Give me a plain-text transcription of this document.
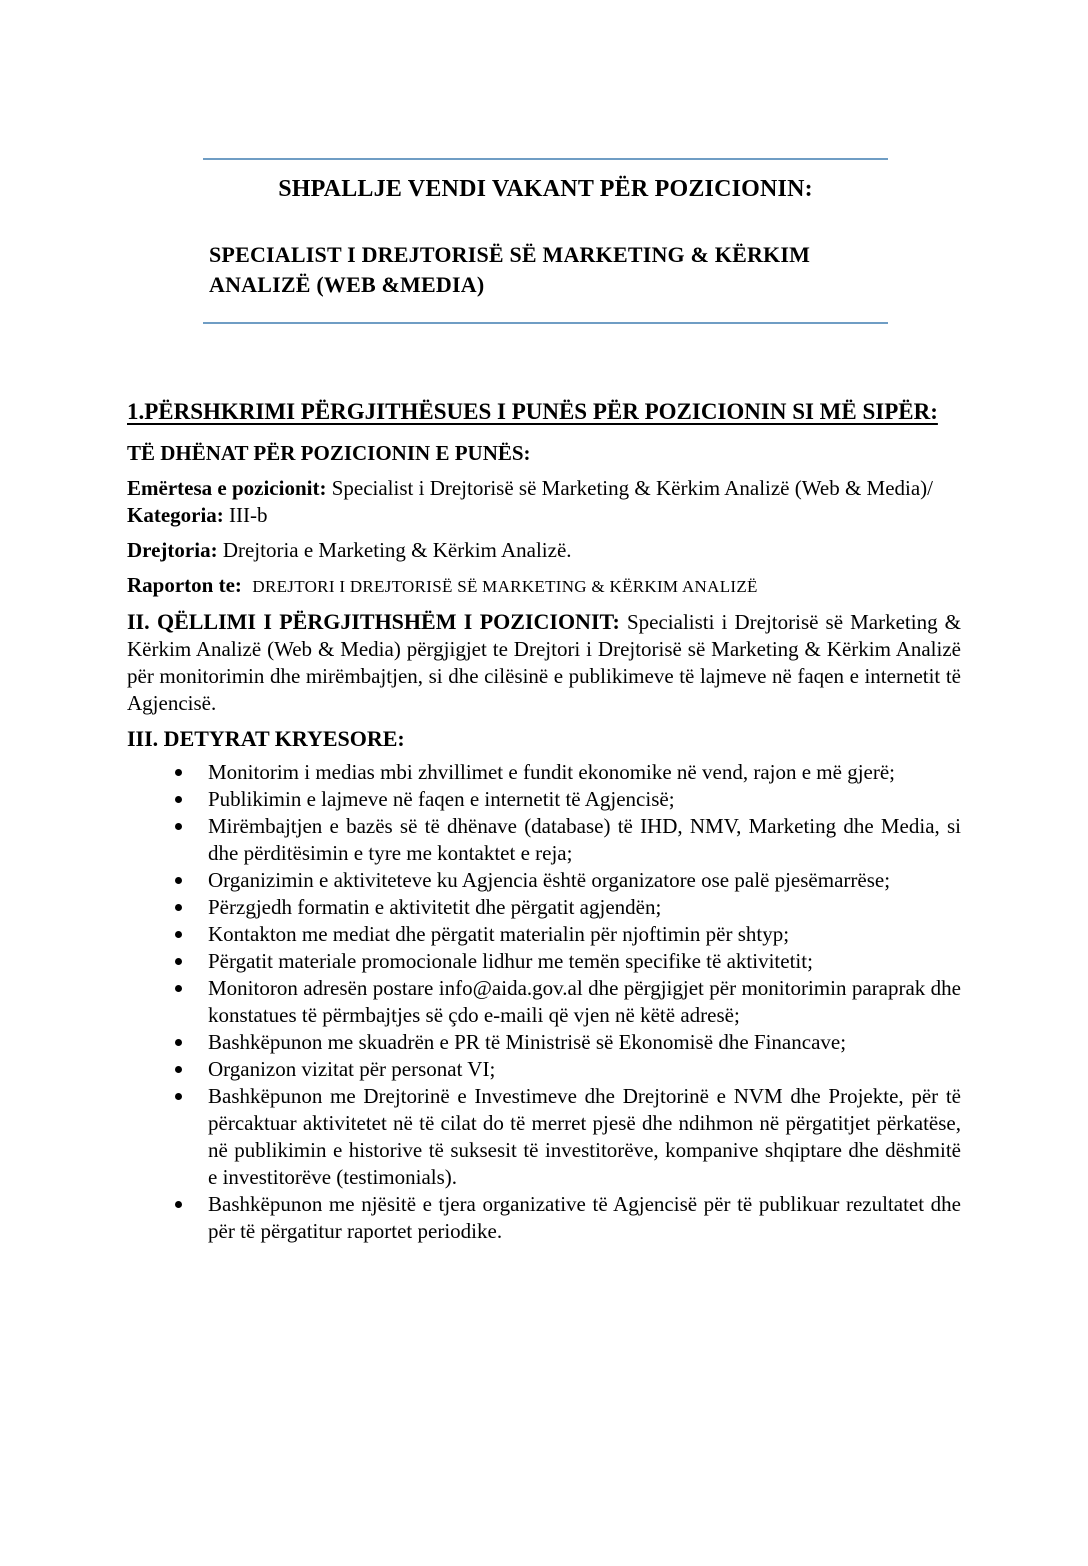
SHPALLJE VENDI VAKANT PËR POZICIONIN:
SPECIALIST I DREJTORISË SË MARKETING & KËRKIM ANALIZË (WEB &MEDIA)
1.PËRSHKRIMI PËRGJITHËSUES I PUNËS PËR POZICIONIN SI MË SIPËR:
TË DHËNAT PËR POZICIONIN E PUNËS:

Emërtesa e pozicionit: Specialist i Drejtorisë së Marketing & Kërkim Analizë (Web & Media)/
Kategoria: III-b

Drejtoria: Drejtoria e Marketing & Kërkim Analizë.

Raporton te: DREJTORI I DREJTORISË SË MARKETING & KËRKIM ANALIZË

II. QËLLIMI I PËRGJITHSHËM I POZICIONIT: Specialisti i Drejtorisë së Marketing & Kërkim Analizë (Web & Media) përgjigjet te Drejtori i Drejtorisë së Marketing & Kërkim Analizë për monitorimin dhe mirëmbajtjen, si dhe cilësinë e publikimeve të lajmeve në faqen e internetit të Agjencisë.

III. DETYRAT KRYESORE:

Monitorim i medias mbi zhvillimet e fundit ekonomike në vend, rajon e më gjerë;
Publikimin e lajmeve në faqen e internetit të Agjencisë;
Mirëmbajtjen e bazës së të dhënave (database) të IHD, NMV, Marketing dhe Media, si dhe përditësimin e tyre me kontaktet e reja;
Organizimin e aktiviteteve ku Agjencia është organizatore ose palë pjesëmarrëse;
Përzgjedh formatin e aktivitetit dhe përgatit agjendën;
Kontakton me mediat dhe përgatit materialin për njoftimin për shtyp;
Përgatit materiale promocionale lidhur me temën specifike të aktivitetit;
Monitoron adresën postare info@aida.gov.al dhe përgjigjet për monitorimin paraprak dhe konstatues të përmbajtjes së çdo e-maili që vjen në këtë adresë;
Bashkëpunon me skuadrën e PR të Ministrisë së Ekonomisë dhe Financave;
Organizon vizitat për personat VI;
Bashkëpunon me Drejtorinë e Investimeve dhe Drejtorinë e NVM dhe Projekte, për të përcaktuar aktivitetet në të cilat do të merret pjesë dhe ndihmon në përgatitjet përkatëse, në publikimin e historive të suksesit të investitorëve, kompanive shqiptare dhe dëshmitë e investitorëve (testimonials).
Bashkëpunon me njësitë e tjera organizative të Agjencisë për të publikuar rezultatet dhe për të përgatitur raportet periodike.
